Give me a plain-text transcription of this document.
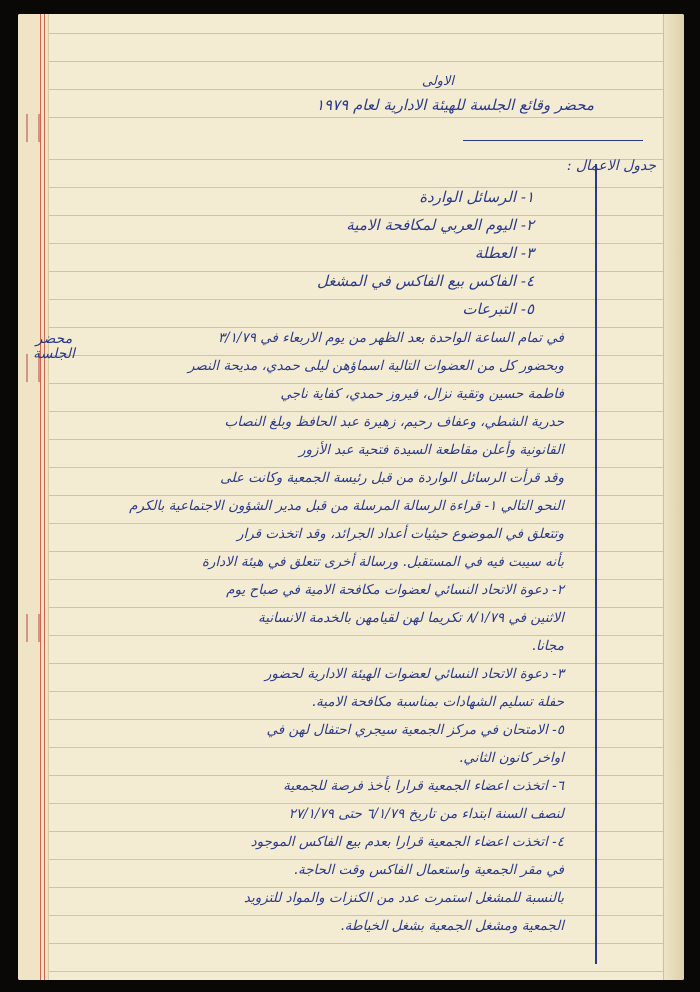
الاولى
محضر وقائع الجلسة للهيئة الادارية لعام ١٩٧٩
جدول الاعمال :
١- الرسائل الواردة
٢- اليوم العربي لمكافحة الامية
٣- العطلة
٤- الفاكس بيع الفاكس في المشغل
٥- التبرعات
محضر الجلسة
في تمام الساعة الواحدة بعد الظهر من يوم الاربعاء في ٣/١/٧٩
وبحضور كل من العضوات التالية اسماؤهن ليلى حمدي، مديحة النصر
فاطمة حسين وتقية نزال، فيروز حمدي، كفاية ناجي
حدرية الشطي، وعفاف رحيم، زهيرة عبد الحافظ وبلغ النصاب
القانونية وأعلن مقاطعة السيدة فتحية عبد الأزور
وقد قرأت الرسائل الواردة من قبل رئيسة الجمعية وكانت على
النحو التالي ١- قراءة الرسالة المرسلة من قبل مدير الشؤون الاجتماعية بالكرم
وتتعلق في الموضوع حيثيات أعداد الجرائد، وقد اتخذت قرار
بأنه سيبت فيه في المستقبل. ورسالة أخرى تتعلق في هيئة الادارة
٢- دعوة الاتحاد النسائي لعضوات مكافحة الامية في صباح يوم
الاثنين في ٨/١/٧٩ تكريما لهن لقيامهن بالخدمة الانسانية
مجانا.
٣- دعوة الاتحاد النسائي لعضوات الهيئة الادارية لحضور
حفلة تسليم الشهادات بمناسبة مكافحة الامية.
٥- الامتحان في مركز الجمعية سيجري احتفال لهن في
اواخر كانون الثاني.
٦- اتخذت اعضاء الجمعية قرارا بأخذ فرصة للجمعية
لنصف السنة ابتداء من تاريخ ٦/١/٧٩ حتى ٢٧/١/٧٩
٤- اتخذت اعضاء الجمعية قرارا بعدم بيع الفاكس الموجود
في مقر الجمعية واستعمال الفاكس وقت الحاجة.
بالنسبة للمشغل استمرت عدد من الكنزات والمواد للتزويد
الجمعية ومشغل الجمعية بشغل الخياطة.
